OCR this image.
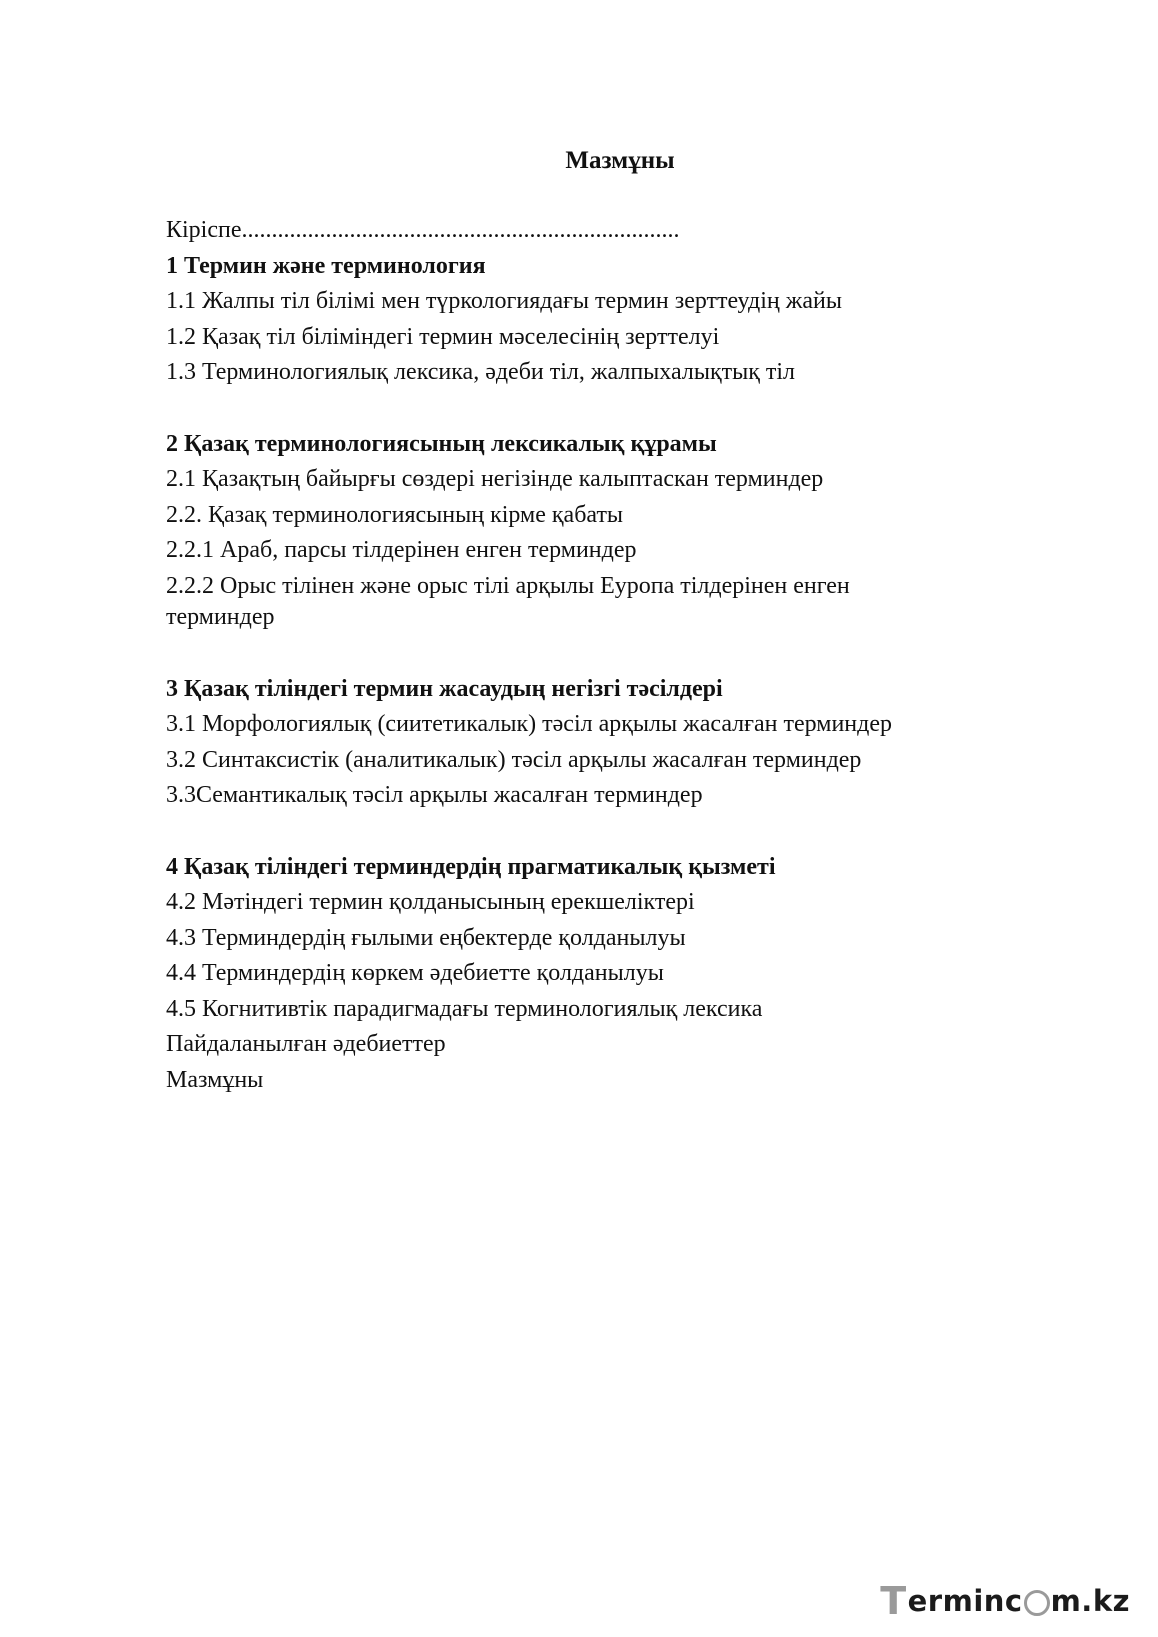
Мазмұны
Кіріспе.........................................................................
1 Термин және терминология
1.1 Жалпы тіл білімі мен түркологиядағы термин зерттеудің жайы
1.2 Қазақ тіл біліміндегі термин мәселесінің зерттелуі
1.3 Терминологиялық лексика, әдеби тіл, жалпыхалықтық тіл
2 Қазақ терминологиясының лексикалық құрамы
2.1 Қазақтың байырғы сөздері негізінде калыптаскан терминдер
2.2. Қазақ терминологиясының кірме қабаты
2.2.1 Араб, парсы тілдерінен енген терминдер
2.2.2 Орыс тілінен және орыс тілі арқылы Еуропа тілдерінен енген терминдер
3 Қазақ тіліндегі термин жасаудың негізгі тәсілдері
3.1 Морфологиялық (сиитетикалык) тәсіл арқылы жасалған терминдер
3.2 Синтаксистік (аналитикалык) тәсіл арқылы жасалған терминдер
3.3Семантикалық тәсіл арқылы жасалған терминдер
4 Қазақ тіліндегі терминдердің прагматикалық қызметі
4.2 Мәтіндегі термин қолданысының ерекшеліктері
4.3 Терминдердің ғылыми еңбектерде қолданылуы
4.4 Терминдердің көркем әдебиетте қолданылуы
4.5 Когнитивтік парадигмадағы терминологиялық лексика
Пайдаланылған әдебиеттер
Мазмұны
T erminc m.kz
